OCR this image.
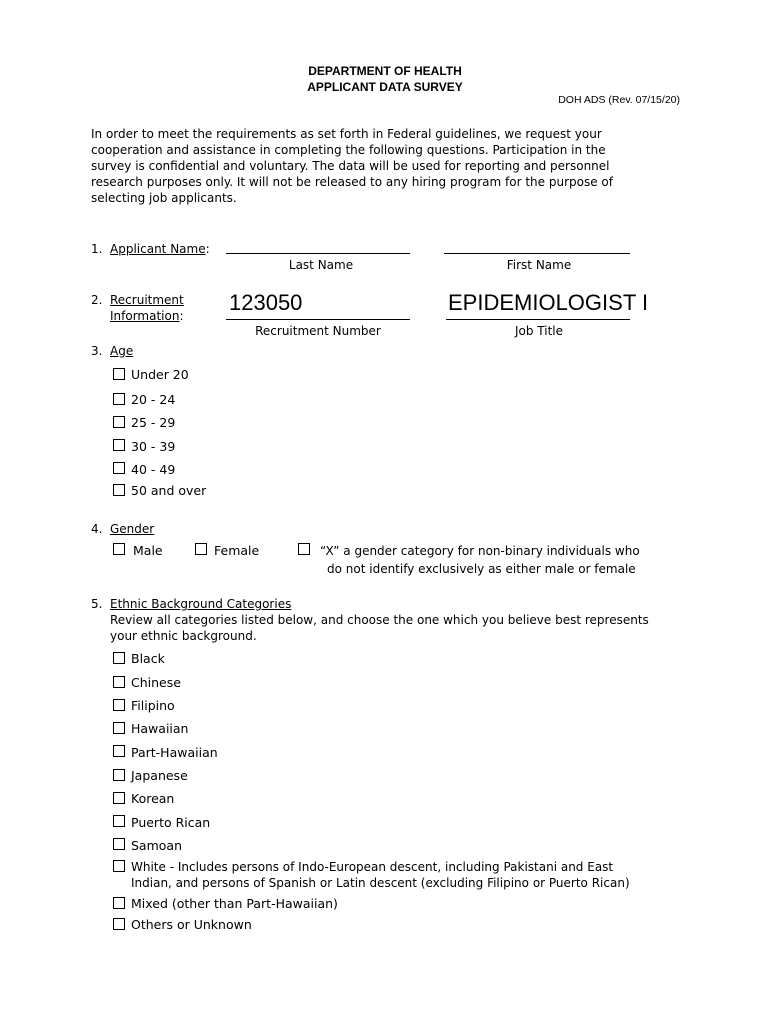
DEPARTMENT OF HEALTH
APPLICANT DATA SURVEY
DOH ADS (Rev. 07/15/20)
In order to meet the requirements as set forth in Federal guidelines, we request your
cooperation and assistance in completing the following questions. Participation in the
survey is confidential and voluntary. The data will be used for reporting and personnel
research purposes only. It will not be released to any hiring program for the purpose of
selecting job applicants.
1. Applicant Name:
Last Name	First Name
2. Recruitment
Information:
123050	EPIDEMIOLOGIST I
Recruitment Number	Job Title
3. Age
Under 20
20 - 24
25 - 29
30 - 39
40 - 49
50 and over
4. Gender
Male	Female	“X” a gender category for non-binary individuals who
do not identify exclusively as either male or female
5. Ethnic Background Categories
Review all categories listed below, and choose the one which you believe best represents
your ethnic background.
Black
Chinese
Filipino
Hawaiian
Part-Hawaiian
Japanese
Korean
Puerto Rican
Samoan
White - Includes persons of Indo-European descent, including Pakistani and East
Indian, and persons of Spanish or Latin descent (excluding Filipino or Puerto Rican)
Mixed (other than Part-Hawaiian)
Others or Unknown
